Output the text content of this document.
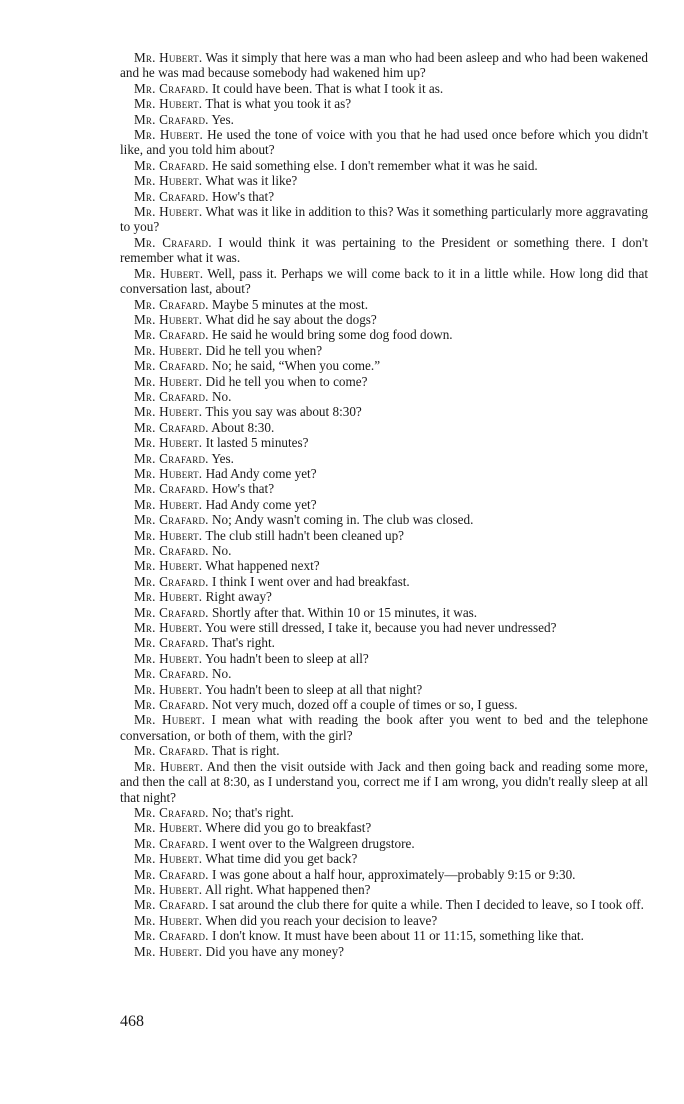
Mr. Hubert. Was it simply that here was a man who had been asleep and who had been wakened and he was mad because somebody had wakened him up?

Mr. Crafard. It could have been. That is what I took it as.

Mr. Hubert. That is what you took it as?

Mr. Crafard. Yes.

Mr. Hubert. He used the tone of voice with you that he had used once before which you didn't like, and you told him about?

Mr. Crafard. He said something else. I don't remember what it was he said.

Mr. Hubert. What was it like?

Mr. Crafard. How's that?

Mr. Hubert. What was it like in addition to this? Was it something particularly more aggravating to you?

Mr. Crafard. I would think it was pertaining to the President or something there. I don't remember what it was.

Mr. Hubert. Well, pass it. Perhaps we will come back to it in a little while. How long did that conversation last, about?

Mr. Crafard. Maybe 5 minutes at the most.

Mr. Hubert. What did he say about the dogs?

Mr. Crafard. He said he would bring some dog food down.

Mr. Hubert. Did he tell you when?

Mr. Crafard. No; he said, “When you come.”

Mr. Hubert. Did he tell you when to come?

Mr. Crafard. No.

Mr. Hubert. This you say was about 8:30?

Mr. Crafard. About 8:30.

Mr. Hubert. It lasted 5 minutes?

Mr. Crafard. Yes.

Mr. Hubert. Had Andy come yet?

Mr. Crafard. How's that?

Mr. Hubert. Had Andy come yet?

Mr. Crafard. No; Andy wasn't coming in. The club was closed.

Mr. Hubert. The club still hadn't been cleaned up?

Mr. Crafard. No.

Mr. Hubert. What happened next?

Mr. Crafard. I think I went over and had breakfast.

Mr. Hubert. Right away?

Mr. Crafard. Shortly after that. Within 10 or 15 minutes, it was.

Mr. Hubert. You were still dressed, I take it, because you had never undressed?

Mr. Crafard. That's right.

Mr. Hubert. You hadn't been to sleep at all?

Mr. Crafard. No.

Mr. Hubert. You hadn't been to sleep at all that night?

Mr. Crafard. Not very much, dozed off a couple of times or so, I guess.

Mr. Hubert. I mean what with reading the book after you went to bed and the telephone conversation, or both of them, with the girl?

Mr. Crafard. That is right.

Mr. Hubert. And then the visit outside with Jack and then going back and reading some more, and then the call at 8:30, as I understand you, correct me if I am wrong, you didn't really sleep at all that night?

Mr. Crafard. No; that's right.

Mr. Hubert. Where did you go to breakfast?

Mr. Crafard. I went over to the Walgreen drugstore.

Mr. Hubert. What time did you get back?

Mr. Crafard. I was gone about a half hour, approximately—probably 9:15 or 9:30.

Mr. Hubert. All right. What happened then?

Mr. Crafard. I sat around the club there for quite a while. Then I decided to leave, so I took off.

Mr. Hubert. When did you reach your decision to leave?

Mr. Crafard. I don't know. It must have been about 11 or 11:15, something like that.

Mr. Hubert. Did you have any money?

468
